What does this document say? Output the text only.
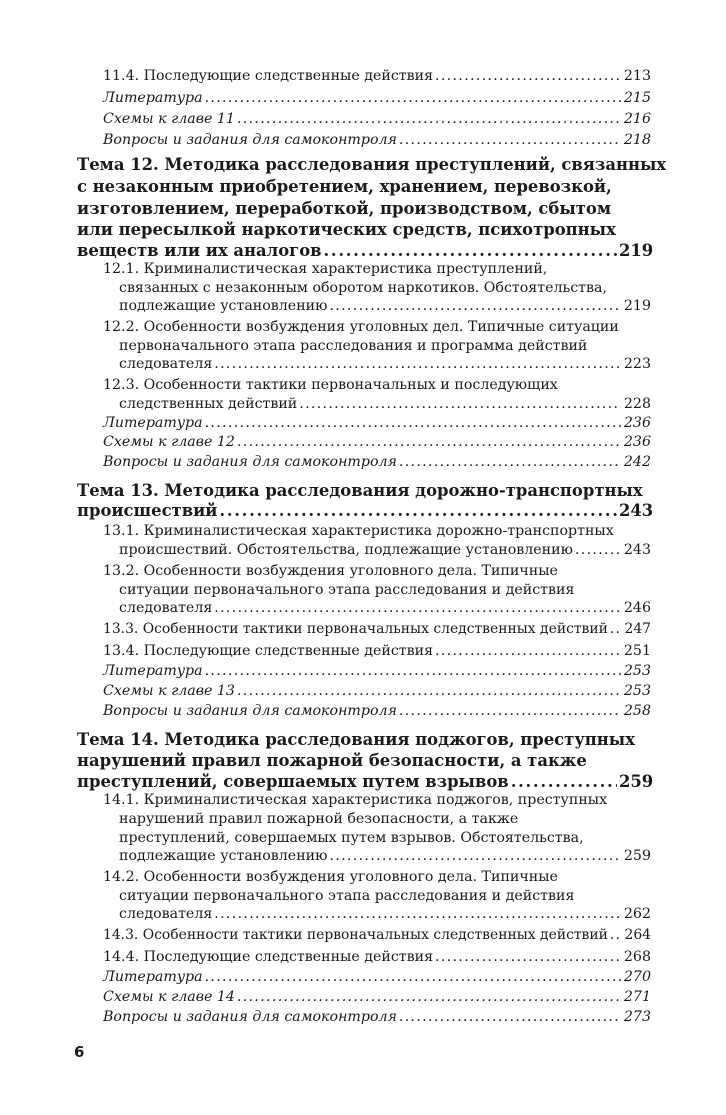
11.4. Последующие следственные действия . . .	213
Литература . . .	215
Схемы к главе 11 . . .	216
Вопросы и задания для самоконтроля . . .	218
Тема 12. Методика расследования преступлений, связанных
с незаконным приобретением, хранением, перевозкой,
изготовлением, переработкой, производством, сбытом
или пересылкой наркотических средств, психотропных
веществ или их аналогов . . .	219
12.1. Криминалистическая характеристика преступлений,
связанных с незаконным оборотом наркотиков. Обстоятельства,
подлежащие установлению . . .	219
12.2. Особенности возбуждения уголовных дел. Типичные ситуации
первоначального этапа расследования и программа действий
следователя . . .	223
12.3. Особенности тактики первоначальных и последующих
следственных действий . . .	228
Литература . . .	236
Схемы к главе 12 . . .	236
Вопросы и задания для самоконтроля . . .	242
Тема 13. Методика расследования дорожно-транспортных
происшествий . . .	243
13.1. Криминалистическая характеристика дорожно-транспортных
происшествий. Обстоятельства, подлежащие установлению . . .	243
13.2. Особенности возбуждения уголовного дела. Типичные
ситуации первоначального этапа расследования и действия
следователя . . .	246
13.3. Особенности тактики первоначальных следственных действий . . . 247
13.4. Последующие следственные действия . . .	251
Литература . . .	253
Схемы к главе 13 . . .	253
Вопросы и задания для самоконтроля . . .	258
Тема 14. Методика расследования поджогов, преступных
нарушений правил пожарной безопасности, а также
преступлений, совершаемых путем взрывов . . .	259
14.1. Криминалистическая характеристика поджогов, преступных
нарушений правил пожарной безопасности, а также
преступлений, совершаемых путем взрывов. Обстоятельства,
подлежащие установлению . . .	259
14.2. Особенности возбуждения уголовного дела. Типичные
ситуации первоначального этапа расследования и действия
следователя . . .	262
14.3. Особенности тактики первоначальных следственных действий . . . 264
14.4. Последующие следственные действия . . .	268
Литература . . .	270
Схемы к главе 14 . . .	271
Вопросы и задания для самоконтроля . . .	273
6
